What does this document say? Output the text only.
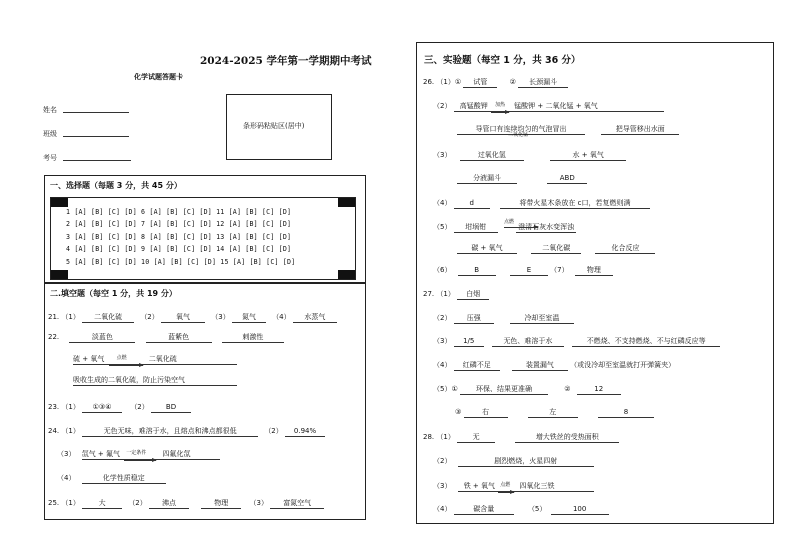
2024-2025 学年第一学期期中考试
化学试题答题卡
姓名
班级
考号
条形码粘贴区(居中)
一、选择题（每题 3 分，共 45 分）
1 [A] [B] [C] [D] 6 [A] [B] [C] [D] 11 [A] [B] [C] [D]
2 [A] [B] [C] [D] 7 [A] [B] [C] [D] 12 [A] [B] [C] [D]
3 [A] [B] [C] [D] 8 [A] [B] [C] [D] 13 [A] [B] [C] [D]
4 [A] [B] [C] [D] 9 [A] [B] [C] [D] 14 [A] [B] [C] [D]
5 [A] [B] [C] [D] 10 [A] [B] [C] [D] 15 [A] [B] [C] [D]
二.填空题（每空 1 分，共 19 分）
21. （1） 二氧化硫	（2） 氧气	（3） 氮气 （4） 水蒸气
22.	淡蓝色	蓝紫色	刺激性
硫 + 氧气 点燃	二氧化硫
吸收生成的二氧化硫，防止污染空气
23. （1） ①③④	（2） BD
24. （1）	无色无味，难溶于水，且熔点和沸点都很低	（2） 0.94%
（3） 氙气 + 氟气 一定条件 四氟化氙
（4）	化学性质稳定
25. （1）	大	（2） 沸点	物理	（3） 富氮空气
三、实验题（每空 1 分，共 36 分）
26. （1）① 试管	② 长颈漏斗
（2） 高锰酸钾 加热 锰酸钾 + 二氧化锰 + 氧气
导管口有连续均匀的气泡冒出	把导管移出水面
（3）	过氧化氢
二氧化锰
水 + 氧气
分液漏斗	ABD
（4）	d	将带火星木条放在 c口，若复燃则满
（5） 坩埚钳
点燃
澄清石灰水变浑浊
碳 + 氧气	二氧化碳	化合反应
（6）	B	E	（7）	物理
27. （1） 白烟
（2） 压强	冷却至室温
（3） 1/5	无色、难溶于水	不燃烧、不支持燃烧、不与红磷反应等
（4） 红磷不足	装置漏气 （或没冷却至室温就打开弹簧夹）
（5）①	环保、结果更准确	②	12
③	右	左	8
28. （1）	无	增大铁丝的受热面积
（2）	剧烈燃烧，火星四射
（3） 铁 + 氧气 点燃 四氧化三铁
（4）	碳含量	（5）	100
